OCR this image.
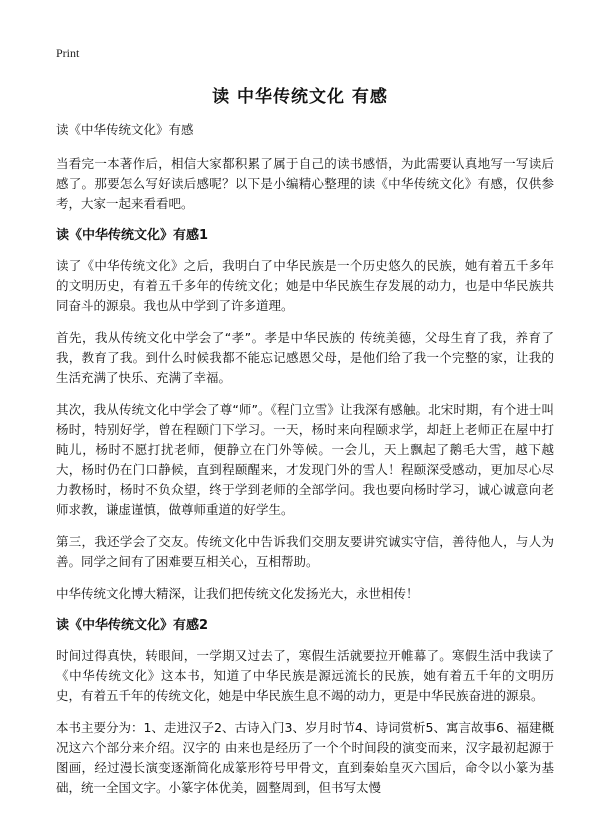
Print
读 中华传统文化 有感

读《中华传统文化》有感

当看完一本著作后，相信大家都积累了属于自己的读书感悟，为此需要认真地写一写读后感了。那要怎么写好读后感呢？以下是小编精心整理的读《中华传统文化》有感，仅供参考，大家一起来看看吧。

读《中华传统文化》有感1

读了《中华传统文化》之后，我明白了中华民族是一个历史悠久的民族，她有着五千多年的文明历史，有着五千多年的传统文化；她是中华民族生存发展的动力，也是中华民族共同奋斗的源泉。我也从中学到了许多道理。

首先，我从传统文化中学会了“孝”。孝是中华民族的 传统美德，父母生育了我，养育了我，教育了我。到什么时候我都不能忘记感恩父母，是他们给了我一个完整的家，让我的生活充满了快乐、充满了幸福。

其次，我从传统文化中学会了尊“师”。《程门立雪》让我深有感触。北宋时期，有个进士叫杨时，特别好学，曾在程颐门下学习。一天，杨时来向程颐求学，却赶上老师正在屋中打盹儿，杨时不愿打扰老师，便静立在门外等候。一会儿，天上飘起了鹅毛大雪，越下越大，杨时仍在门口静候，直到程颐醒来，才发现门外的雪人！程颐深受感动，更加尽心尽力教杨时，杨时不负众望，终于学到老师的全部学问。我也要向杨时学习，诚心诚意向老师求教，谦虚谨慎，做尊师重道的好学生。

第三，我还学会了交友。传统文化中告诉我们交朋友要讲究诚实守信，善待他人，与人为善。同学之间有了困难要互相关心，互相帮助。

中华传统文化博大精深，让我们把传统文化发扬光大，永世相传！

读《中华传统文化》有感2

时间过得真快，转眼间，一学期又过去了，寒假生活就要拉开帷幕了。寒假生活中我读了《中华传统文化》这本书，知道了中华民族是源远流长的民族，她有着五千年的文明历史，有着五千年的传统文化，她是中华民族生息不竭的动力，更是中华民族奋进的源泉。

本书主要分为：1、走进汉子2、古诗入门3、岁月时节4、诗词赏析5、寓言故事6、福建概况这六个部分来介绍。汉字的 由来也是经历了一个个时间段的演变而来，汉字最初起源于图画，经过漫长演变逐渐简化成篆形符号甲骨文，直到秦始皇灭六国后，命令以小篆为基础，统一全国文字。小篆字体优美，圆整周到，但书写太慢
